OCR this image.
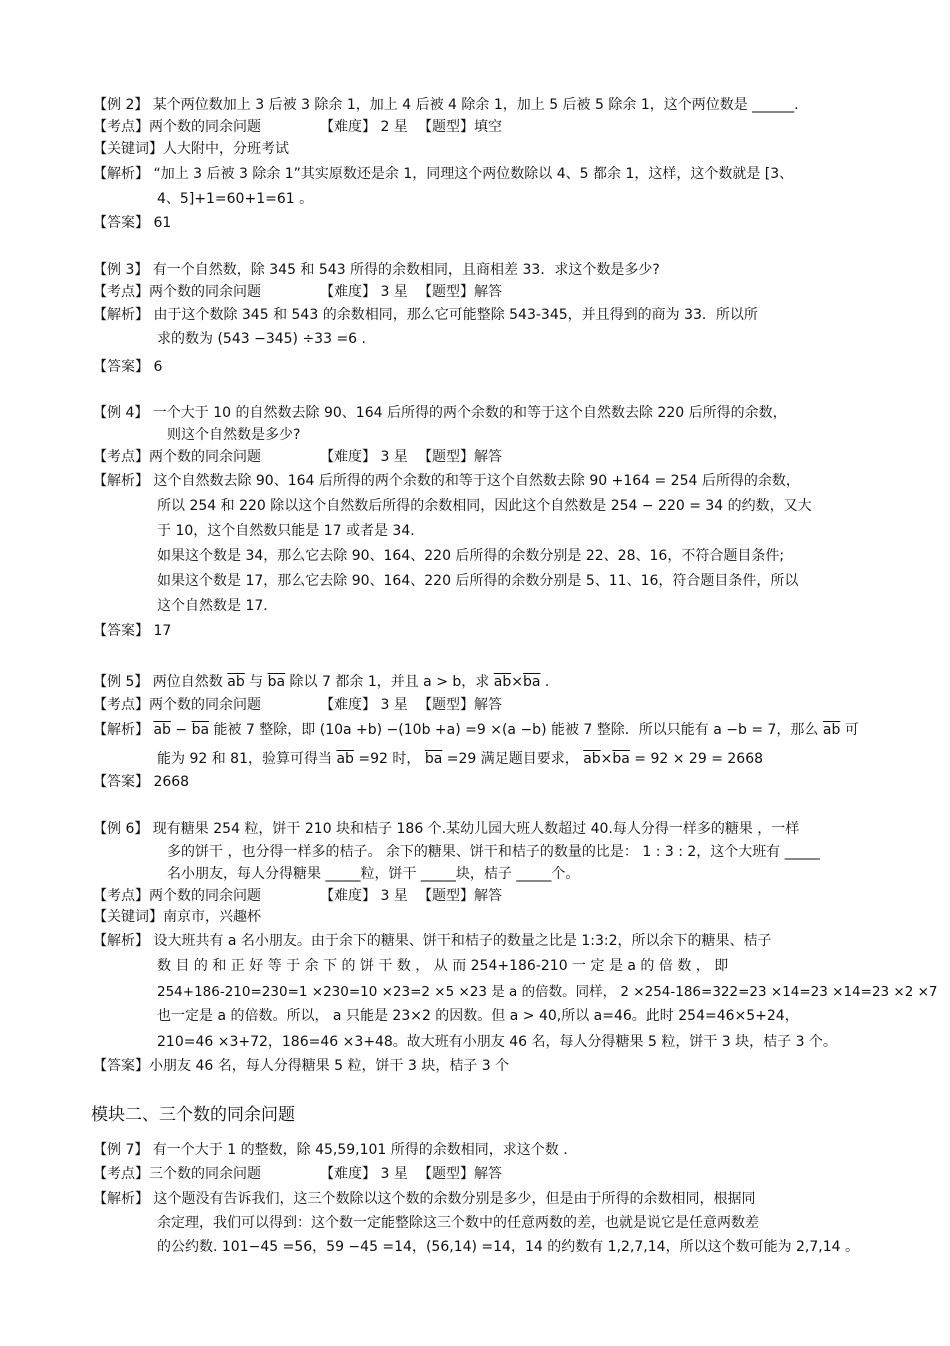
【例 2】 某个两位数加上 3 后被 3 除余 1，加上 4 后被 4 除余 1，加上 5 后被 5 除余 1，这个两位数是 ______.
【考点】两个数的同余问题	【难度】 2 星 【题型】填空
【关键词】人大附中，分班考试
【解析】 “加上 3 后被 3 除余 1”其实原数还是余 1，同理这个两位数除以 4、5 都余 1，这样，这个数就是 [3、
4、5]+1=60+1=61 。
【答案】 61
【例 3】 有一个自然数，除 345 和 543 所得的余数相同，且商相差 33．求这个数是多少?
【考点】两个数的同余问题	【难度】 3 星 【题型】解答
【解析】 由于这个数除 345 和 543 的余数相同，那么它可能整除 543-345，并且得到的商为 33．所以所
求的数为 (543 −345) ÷33 =6 .
【答案】 6
【例 4】 一个大于 10 的自然数去除 90、164 后所得的两个余数的和等于这个自然数去除 220 后所得的余数，
则这个自然数是多少?
【考点】两个数的同余问题	【难度】 3 星 【题型】解答
【解析】 这个自然数去除 90、164 后所得的两个余数的和等于这个自然数去除 90 +164 = 254 后所得的余数，
所以 254 和 220 除以这个自然数后所得的余数相同，因此这个自然数是 254 − 220 = 34 的约数，又大
于 10，这个自然数只能是 17 或者是 34.
如果这个数是 34，那么它去除 90、164、220 后所得的余数分别是 22、28、16，不符合题目条件;
如果这个数是 17，那么它去除 90、164、220 后所得的余数分别是 5、11、16，符合题目条件，所以
这个自然数是 17.
【答案】 17
【例 5】 两位自然数 $\overline{ab}$ 与 $\overline{ba}$ 除以 7 都余 1，并且 a > b，求 $\overline{ab}\times\overline{ba}$ .
【考点】两个数的同余问题	【难度】 3 星 【题型】解答
【解析】 $\overline{ab} - \overline{ba}$ 能被 7 整除，即 (10a +b) −(10b +a) =9 ×(a −b) 能被 7 整除．所以只能有 a −b = 7，那么 $\overline{ab}$ 可
能为 92 和 81，验算可得当 $\overline{ab} =92$ 时， $\overline{ba} =29$ 满足题目要求， $\overline{ab}\times\overline{ba} = 92 \times 29 = 2668$
【答案】 2668
【例 6】 现有糖果 254 粒，饼干 210 块和桔子 186 个.某幼儿园大班人数超过 40.每人分得一样多的糖果 ，一样
多的饼干 ，也分得一样多的桔子。 余下的糖果、饼干和桔子的数量的比是： 1 : 3 : 2，这个大班有 _____
名小朋友，每人分得糖果 _____粒，饼干 _____块，桔子 _____个。
【考点】两个数的同余问题	【难度】 3 星 【题型】解答
【关键词】南京市，兴趣杯
【解析】 设大班共有 a 名小朋友。由于余下的糖果、饼干和桔子的数量之比是 1:3:2，所以余下的糖果、桔子
数 目 的 和 正 好 等 于 余 下 的 饼 干 数 ， 从 而 254+186-210 一 定 是 a 的 倍 数 ， 即
254+186-210=230=1 ×230=10 ×23=2 ×5 ×23 是 a 的倍数。同样， 2 ×254-186=322=23 ×14=23 ×14=23 ×2 ×7
也一定是 a 的倍数。所以， a 只能是 23×2 的因数。但 a > 40,所以 a=46。此时 254=46×5+24，
210=46 ×3+72，186=46 ×3+48。故大班有小朋友 46 名，每人分得糖果 5 粒，饼干 3 块，桔子 3 个。
【答案】小朋友 46 名，每人分得糖果 5 粒，饼干 3 块，桔子 3 个
模块二、三个数的同余问题
【例 7】 有一个大于 1 的整数，除 45,59,101 所得的余数相同，求这个数 .
【考点】三个数的同余问题	【难度】 3 星 【题型】解答
【解析】 这个题没有告诉我们，这三个数除以这个数的余数分别是多少，但是由于所得的余数相同，根据同
余定理，我们可以得到：这个数一定能整除这三个数中的任意两数的差，也就是说它是任意两数差
的公约数. 101−45 =56，59 −45 =14，(56,14) =14，14 的约数有 1,2,7,14，所以这个数可能为 2,7,14 。
